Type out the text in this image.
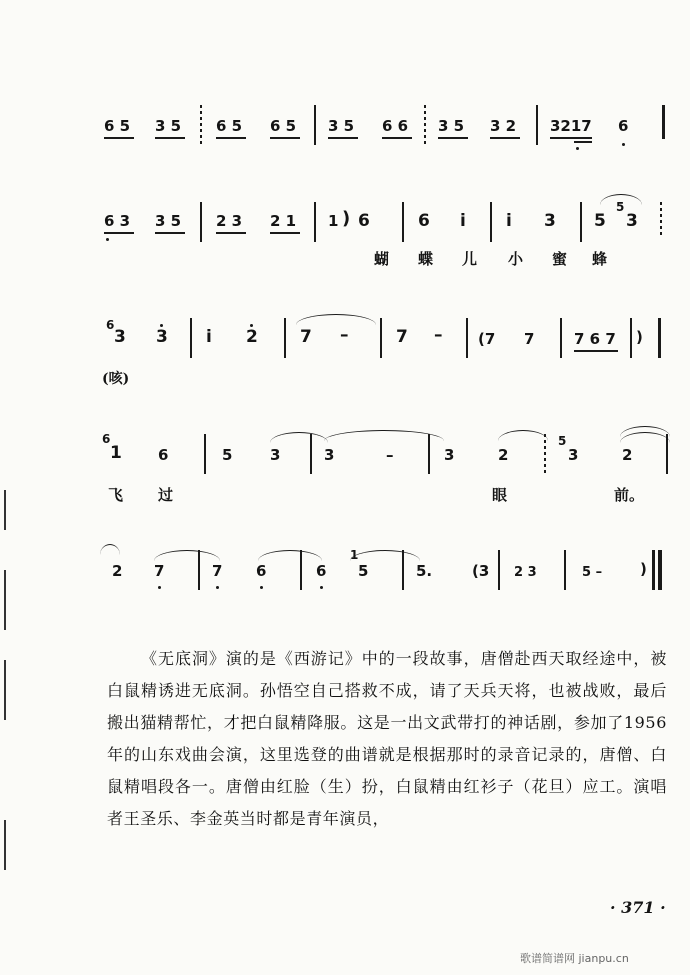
6 5 3 5 6 5 6 5 3 5 6 6 3 5 3 2 3217 6
6 3 3 5 2 3 2 1 1 ) 6	6 i i 3 5
5
3
蝴 蝶 儿 小 蜜 蜂
6
3 3 i 2 7 –	7 – (7 7	7 6 7 )
(咳)
6
1 6	5	3	3	–	3	2
5
3	2
飞 过	眼	前。
2 7	7 6	6
1
5	5.	(3 2 3	5 –	)

《无底洞》演的是《西游记》中的一段故事，唐僧赴西天取经途中，被白鼠精诱进无底洞。孙悟空自己搭救不成，请了天兵天将，也被战败，最后搬出猫精帮忙，才把白鼠精降服。这是一出文武带打的神话剧，参加了1956年的山东戏曲会演，这里选登的曲谱就是根据那时的录音记录的，唐僧、白鼠精唱段各一。唐僧由红脸（生）扮，白鼠精由红衫子（花旦）应工。演唱者王圣乐、李金英当时都是青年演员，

· 371 ·
歌谱简谱网 jianpu.cn
